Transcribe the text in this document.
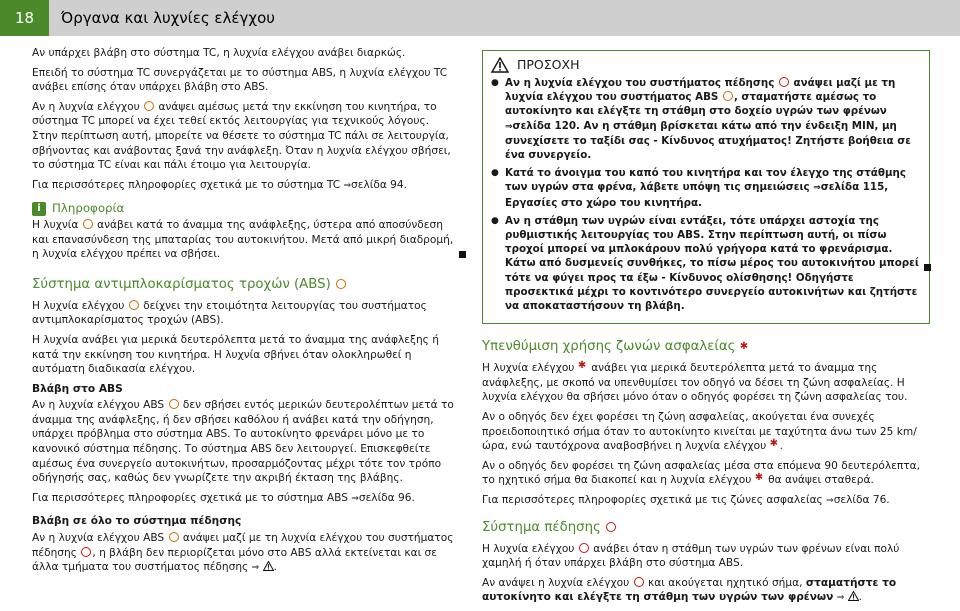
18	Όργανα και λυχνίες ελέγχου

Αν υπάρχει βλάβη στο σύστημα TC, η λυχνία ελέγχου ανάβει διαρκώς.

Επειδή το σύστημα TC συνεργάζεται με το σύστημα ABS, η λυχνία ελέγχου TC ανάβει επίσης όταν υπάρχει βλάβη στο ABS.

Αν η λυχνία ελέγχου ανάψει αμέσως μετά την εκκίνηση του κινητήρα, το σύστημα TC μπορεί να έχει τεθεί εκτός λειτουργίας για τεχνικούς λόγους. Στην περίπτωση αυτή, μπορείτε να θέσετε το σύστημα TC πάλι σε λειτουργία, σβήνοντας και ανάβοντας ξανά την ανάφλεξη. Όταν η λυχνία ελέγχου σβήσει, το σύστημα TC είναι και πάλι έτοιμο για λειτουργία.

Για περισσότερες πληροφορίες σχετικά με το σύστημα TC ⇒σελίδα 94.

i Πληροφορία

Η λυχνία ανάβει κατά το άναμμα της ανάφλεξης, ύστερα από αποσύνδεση και επανασύνδεση της μπαταρίας του αυτοκινήτου. Μετά από μικρή διαδρομή, η λυχνία ελέγχου πρέπει να σβήσει.

Σύστημα αντιμπλοκαρίσματος τροχών (ABS)

Η λυχνία ελέγχου δείχνει την ετοιμότητα λειτουργίας του συστήματος αντιμπλοκαρίσματος τροχών (ABS).

Η λυχνία ανάβει για μερικά δευτερόλεπτα μετά το άναμμα της ανάφλεξης ή κατά την εκκίνηση του κινητήρα. Η λυχνία σβήνει όταν ολοκληρωθεί η αυτόματη διαδικασία ελέγχου.

Βλάβη στο ABS

Αν η λυχνία ελέγχου ABS δεν σβήσει εντός μερικών δευτερολέπτων μετά το άναμμα της ανάφλεξης, ή δεν σβήσει καθόλου ή ανάβει κατά την οδήγηση, υπάρχει πρόβλημα στο σύστημα ABS. Το αυτοκίνητο φρενάρει μόνο με το κανονικό σύστημα πέδησης. Το σύστημα ABS δεν λειτουργεί. Επισκεφθείτε αμέσως ένα συνεργείο αυτοκινήτων, προσαρμόζοντας μέχρι τότε τον τρόπο οδήγησής σας, καθώς δεν γνωρίζετε την ακριβή έκταση της βλάβης.

Για περισσότερες πληροφορίες σχετικά με το σύστημα ABS ⇒σελίδα 96.

Βλάβη σε όλο το σύστημα πέδησης

Αν η λυχνία ελέγχου ABS ανάψει μαζί με τη λυχνία ελέγχου του συστήματος πέδησης , η βλάβη δεν περιορίζεται μόνο στο ABS αλλά εκτείνεται και σε άλλα τμήματα του συστήματος πέδησης ⇒ .

ΠΡΟΣΟΧΗ
● Αν η λυχνία ελέγχου του συστήματος πέδησης ανάψει μαζί με τη λυχνία ελέγχου του συστήματος ABS , σταματήστε αμέσως το αυτοκίνητο και ελέγξτε τη στάθμη στο δοχείο υγρών των φρένων ⇒σελίδα 120. Αν η στάθμη βρίσκεται κάτω από την ένδειξη MIN, μη συνεχίσετε το ταξίδι σας - Κίνδυνος ατυχήματος! Ζητήστε βοήθεια σε ένα συνεργείο.
● Κατά το άνοιγμα του καπό του κινητήρα και τον έλεγχο της στάθμης των υγρών στα φρένα, λάβετε υπόψη τις σημειώσεις ⇒σελίδα 115, Εργασίες στο χώρο του κινητήρα.
● Αν η στάθμη των υγρών είναι εντάξει, τότε υπάρχει αστοχία της ρυθμιστικής λειτουργίας του ABS. Στην περίπτωση αυτή, οι πίσω τροχοί μπορεί να μπλοκάρουν πολύ γρήγορα κατά το φρενάρισμα. Κάτω από δυσμενείς συνθήκες, το πίσω μέρος του αυτοκινήτου μπορεί τότε να φύγει προς τα έξω - Κίνδυνος ολίσθησης! Οδηγήστε προσεκτικά μέχρι το κοντινότερο συνεργείο αυτοκινήτων και ζητήστε να αποκαταστήσουν τη βλάβη.
Υπενθύμιση χρήσης ζωνών ασφαλείας ✱

Η λυχνία ελέγχου ✱ ανάβει για μερικά δευτερόλεπτα μετά το άναμμα της ανάφλεξης, με σκοπό να υπενθυμίσει τον οδηγό να δέσει τη ζώνη ασφαλείας. Η λυχνία ελέγχου θα σβήσει μόνο όταν ο οδηγός φορέσει τη ζώνη ασφαλείας του.

Αν ο οδηγός δεν έχει φορέσει τη ζώνη ασφαλείας, ακούγεται ένα συνεχές προειδοποιητικό σήμα όταν το αυτοκίνητο κινείται με ταχύτητα άνω των 25 km/ώρα, ενώ ταυτόχρονα αναβοσβήνει η λυχνία ελέγχου ✱ .

Αν ο οδηγός δεν φορέσει τη ζώνη ασφαλείας μέσα στα επόμενα 90 δευτερόλεπτα, το ηχητικό σήμα θα διακοπεί και η λυχνία ελέγχου ✱ θα ανάψει σταθερά.

Για περισσότερες πληροφορίες σχετικά με τις ζώνες ασφαλείας ⇒σελίδα 76.

Σύστημα πέδησης

Η λυχνία ελέγχου ανάβει όταν η στάθμη των υγρών των φρένων είναι πολύ χαμηλή ή όταν υπάρχει βλάβη στο σύστημα ABS.

Αν ανάψει η λυχνία ελέγχου και ακούγεται ηχητικό σήμα, σταματήστε το αυτοκίνητο και ελέγξτε τη στάθμη των υγρών των φρένων ⇒ .
